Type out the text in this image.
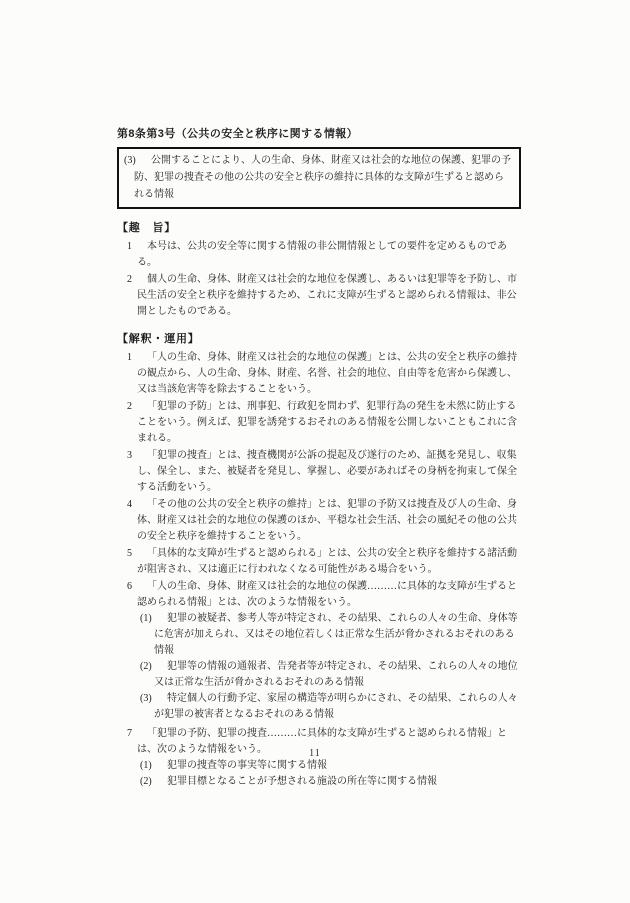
第8条第3号（公共の安全と秩序に関する情報）

(3) 公開することにより、人の生命、身体、財産又は社会的な地位の保護、犯罪の予防、犯罪の捜査その他の公共の安全と秩序の維持に具体的な支障が生ずると認められる情報

【趣　旨】

1 本号は、公共の安全等に関する情報の非公開情報としての要件を定めるものである。

2 個人の生命、身体、財産又は社会的な地位を保護し、あるいは犯罪等を予防し、市民生活の安全と秩序を維持するため、これに支障が生ずると認められる情報は、非公開としたものである。

【解釈・運用】

1 「人の生命、身体、財産又は社会的な地位の保護」とは、公共の安全と秩序の維持の観点から、人の生命、身体、財産、名誉、社会的地位、自由等を危害から保護し、又は当該危害等を除去することをいう。

2 「犯罪の予防」とは、刑事犯、行政犯を問わず、犯罪行為の発生を未然に防止することをいう。例えば、犯罪を誘発するおそれのある情報を公開しないこともこれに含まれる。

3 「犯罪の捜査」とは、捜査機関が公訴の提起及び遂行のため、証拠を発見し、収集し、保全し、また、被疑者を発見し、掌握し、必要があればその身柄を拘束して保全する活動をいう。

4 「その他の公共の安全と秩序の維持」とは、犯罪の予防又は捜査及び人の生命、身体、財産又は社会的な地位の保護のほか、平穏な社会生活、社会の風紀その他の公共の安全と秩序を維持することをいう。

5 「具体的な支障が生ずると認められる」とは、公共の安全と秩序を維持する諸活動が阻害され、又は適正に行われなくなる可能性がある場合をいう。

6 「人の生命、身体、財産又は社会的な地位の保護………に具体的な支障が生ずると認められる情報」とは、次のような情報をいう。

(1) 犯罪の被疑者、参考人等が特定され、その結果、これらの人々の生命、身体等に危害が加えられ、又はその地位若しくは正常な生活が脅かされるおそれのある情報

(2) 犯罪等の情報の通報者、告発者等が特定され、その結果、これらの人々の地位又は正常な生活が脅かされるおそれのある情報

(3) 特定個人の行動予定、家屋の構造等が明らかにされ、その結果、これらの人々が犯罪の被害者となるおそれのある情報

7 「犯罪の予防、犯罪の捜査………に具体的な支障が生ずると認められる情報」とは、次のような情報をいう。

(1) 犯罪の捜査等の事実等に関する情報

(2) 犯罪目標となることが予想される施設の所在等に関する情報

11
